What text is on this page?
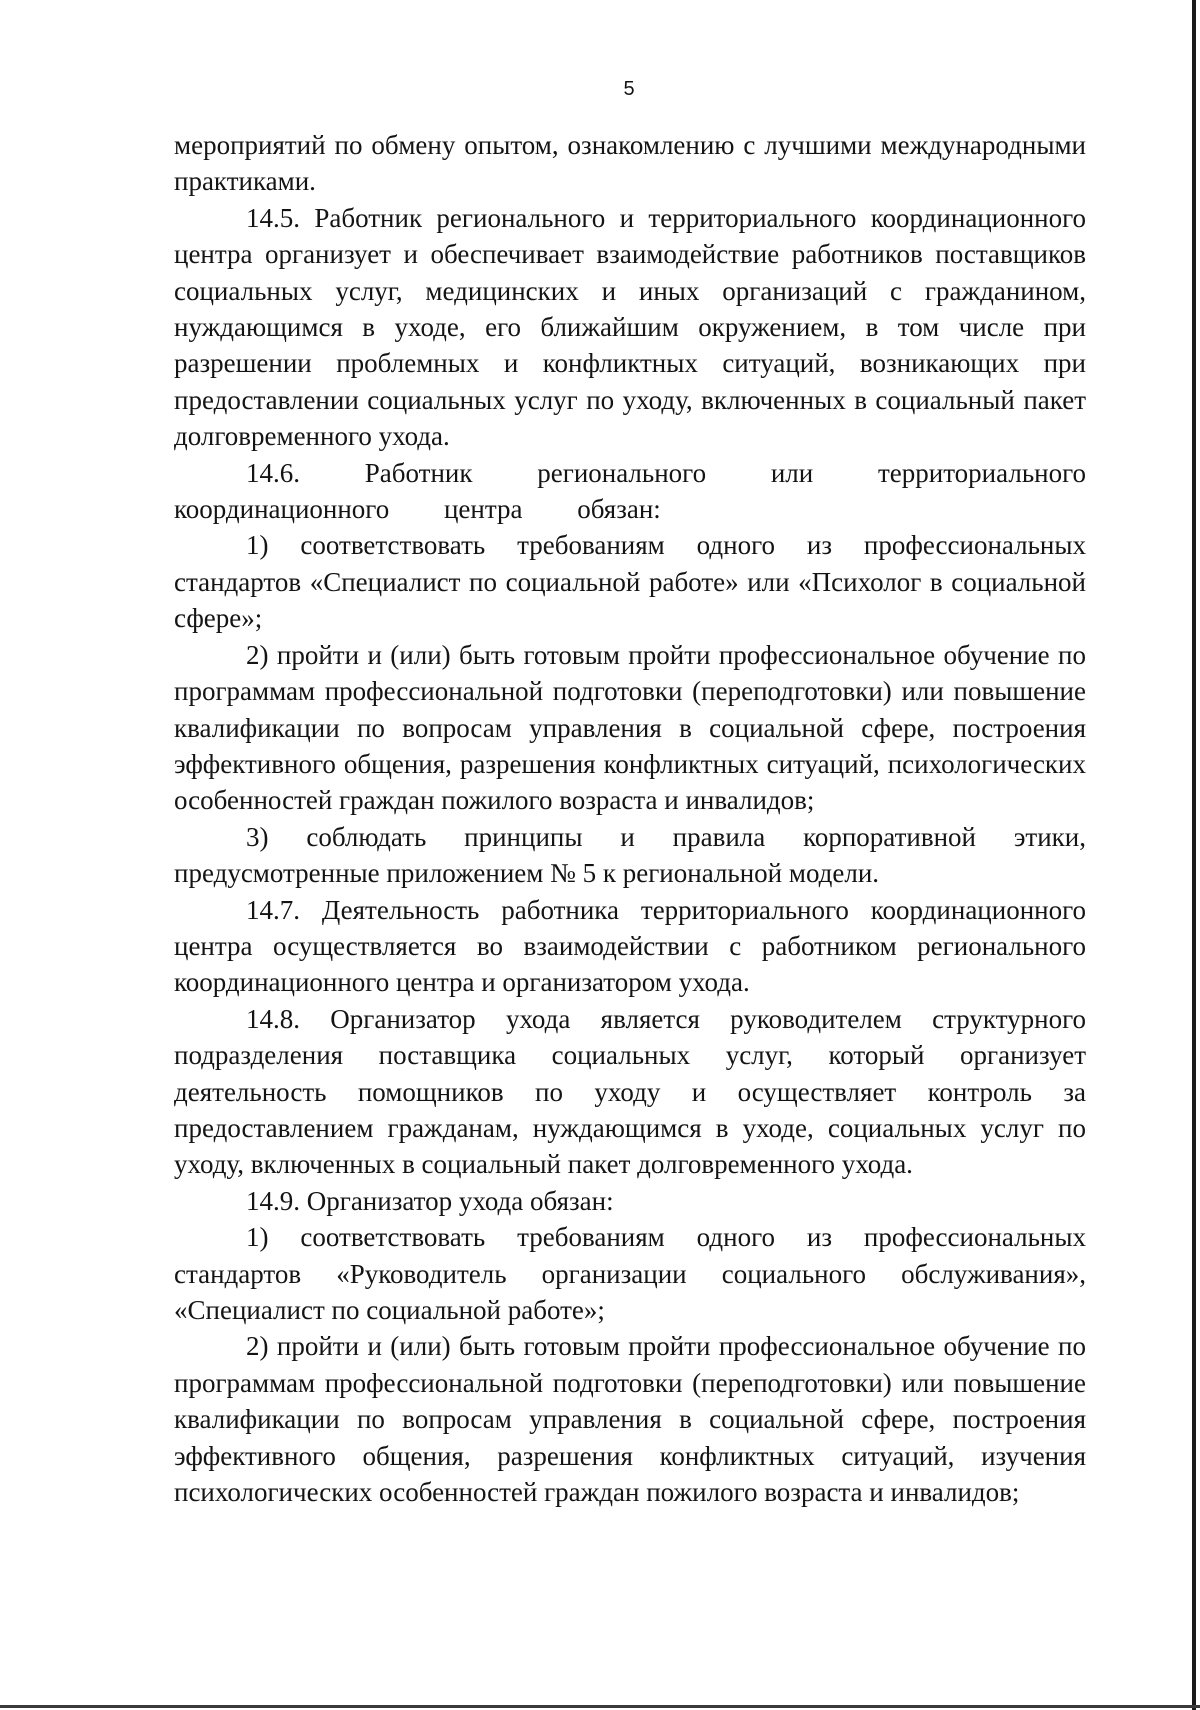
5

мероприятий по обмену опытом, ознакомлению с лучшими международными практиками.

14.5. Работник регионального и территориального координационного центра организует и обеспечивает взаимодействие работников поставщиков социальных услуг, медицинских и иных организаций с гражданином, нуждающимся в уходе, его ближайшим окружением, в том числе при разрешении проблемных и конфликтных ситуаций, возникающих при предоставлении социальных услуг по уходу, включенных в социальный пакет долговременного ухода.

14.6. Работник регионального или территориального координационного центра обязан:

1) соответствовать требованиям одного из профессиональных стандартов «Специалист по социальной работе» или «Психолог в социальной сфере»;

2) пройти и (или) быть готовым пройти профессиональное обучение по программам профессиональной подготовки (переподготовки) или повышение квалификации по вопросам управления в социальной сфере, построения эффективного общения, разрешения конфликтных ситуаций, психологических особенностей граждан пожилого возраста и инвалидов;

3) соблюдать принципы и правила корпоративной этики, предусмотренные приложением № 5 к региональной модели.

14.7. Деятельность работника территориального координационного центра осуществляется во взаимодействии с работником регионального координационного центра и организатором ухода.

14.8. Организатор ухода является руководителем структурного подразделения поставщика социальных услуг, который организует деятельность помощников по уходу и осуществляет контроль за предоставлением гражданам, нуждающимся в уходе, социальных услуг по уходу, включенных в социальный пакет долговременного ухода.

14.9. Организатор ухода обязан:

1) соответствовать требованиям одного из профессиональных стандартов «Руководитель организации социального обслуживания», «Специалист по социальной работе»;

2) пройти и (или) быть готовым пройти профессиональное обучение по программам профессиональной подготовки (переподготовки) или повышение квалификации по вопросам управления в социальной сфере, построения эффективного общения, разрешения конфликтных ситуаций, изучения психологических особенностей граждан пожилого возраста и инвалидов;
